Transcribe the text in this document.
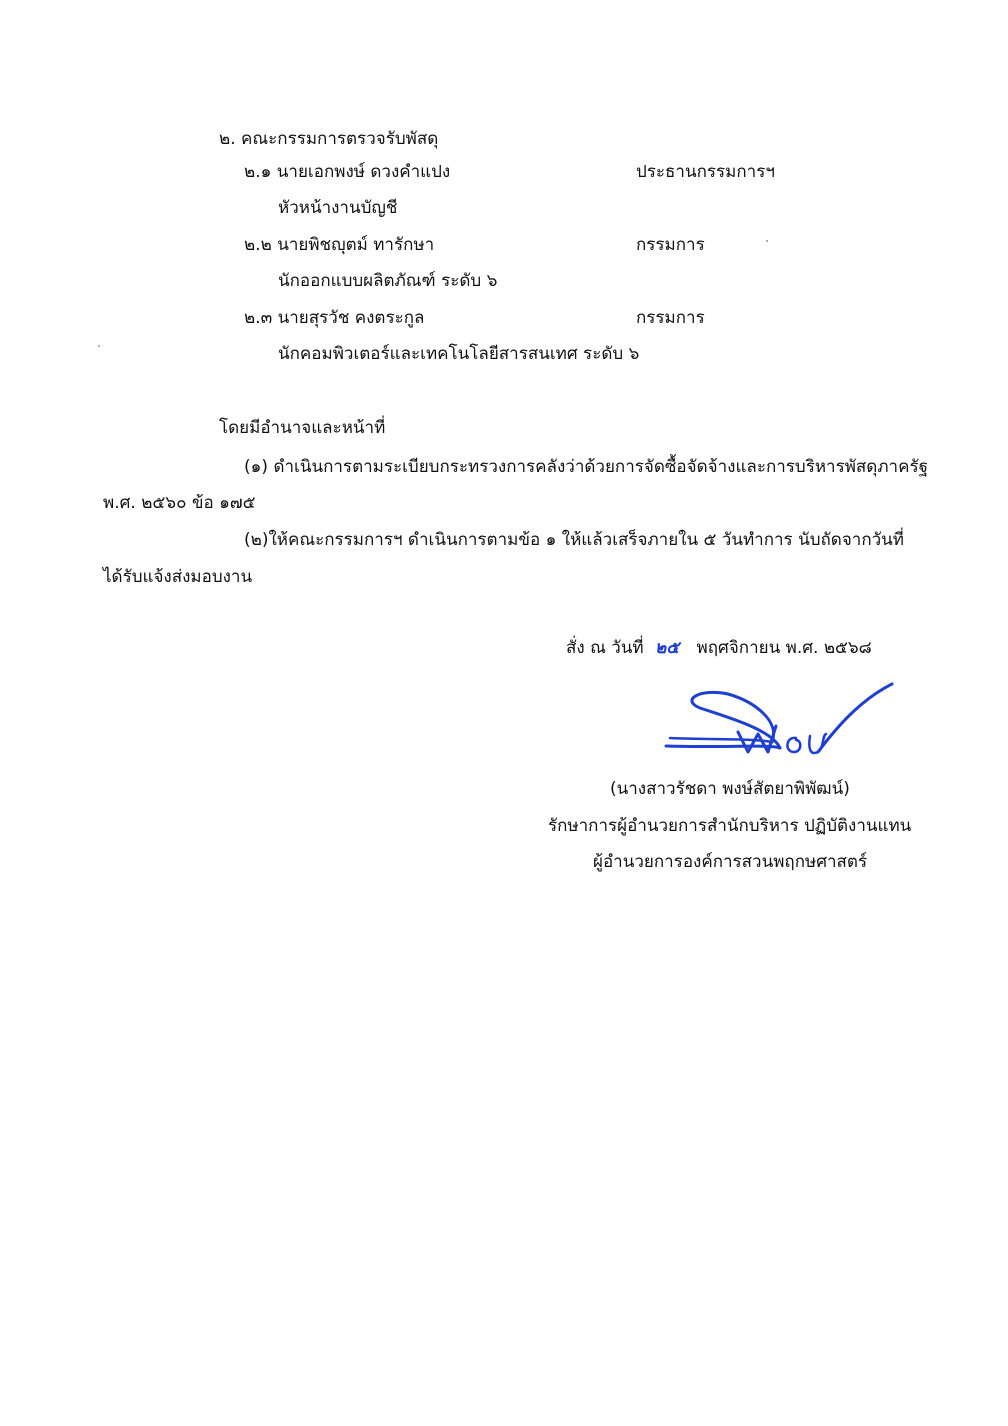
๒. คณะกรรมการตรวจรับพัสดุ
๒.๑ นายเอกพงษ์ ดวงคำแปง	ประธานกรรมการฯ
หัวหน้างานบัญชี
๒.๒ นายพิชญุตม์ ทารักษา	กรรมการ
นักออกแบบผลิตภัณฑ์ ระดับ ๖
๒.๓ นายสุรวัช คงตระกูล	กรรมการ
นักคอมพิวเตอร์และเทคโนโลยีสารสนเทศ ระดับ ๖
โดยมีอำนาจและหน้าที่
(๑) ดำเนินการตามระเบียบกระทรวงการคลังว่าด้วยการจัดซื้อจัดจ้างและการบริหารพัสดุภาครัฐ
พ.ศ. ๒๕๖๐ ข้อ ๑๗๕
(๒)ให้คณะกรรมการฯ ดำเนินการตามข้อ ๑ ให้แล้วเสร็จภายใน ๕ วันทำการ นับถัดจากวันที่
ได้รับแจ้งส่งมอบงาน
สั่ง ณ วันที่ ๒๕ พฤศจิกายน พ.ศ. ๒๕๖๘
(นางสาวรัชดา พงษ์สัตยาพิพัฒน์)
รักษาการผู้อำนวยการสำนักบริหาร ปฏิบัติงานแทน
ผู้อำนวยการองค์การสวนพฤกษศาสตร์
